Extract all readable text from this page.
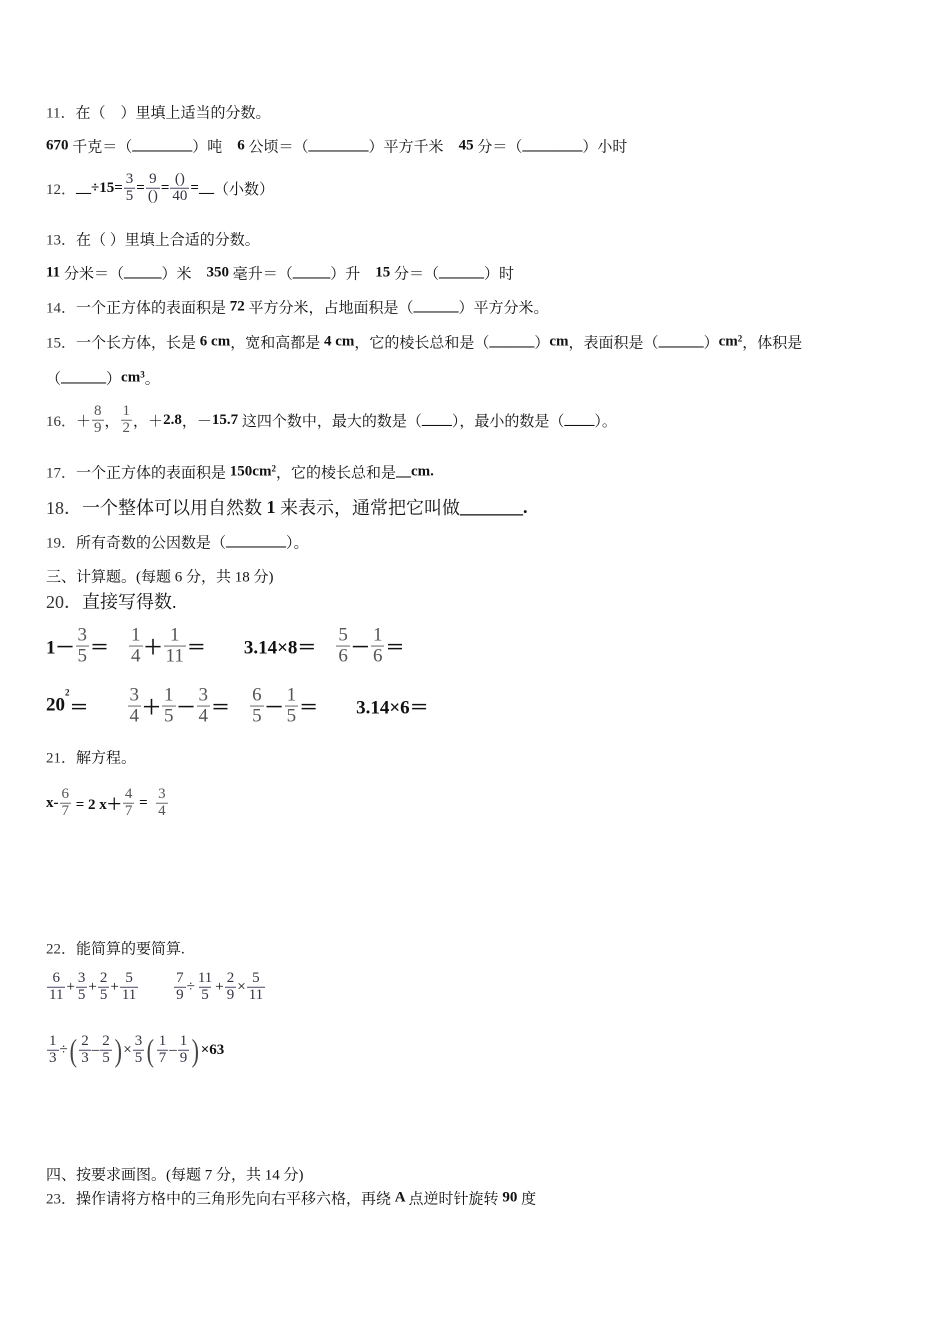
11． 在（　）里填上适当的分数。
670 千克＝（ ________ ）吨　 6 公顷＝（ ________ ）平方千米　 45 分＝（ ________ ）小时
12． __÷15= $\frac{3}{5} = \frac{9}{()} = \frac{()}{40}$ =__ （小数）
13． 在（ ）里填上合适的分数。
11 分米＝（ _____ ）米　 350 毫升＝（ _____ ）升　 15 分＝（ ______ ）时
14． 一个正方体的表面积是 72 平方分米，占地面积是（ ______ ）平方分米。
15． 一个长方体，长是 6 cm ，宽和高都是 4 cm ，它的棱长总和是（ ______ ） cm ，表面积是（ ______ ） cm 2 ，体积是
（ ______ ） cm 3 。
16． ＋ $\frac{8}{9}$ ， $\frac{1}{2}$ ，＋ 2.8 ，－ 15.7 这四个数中，最大的数是（ ____ ），最小的数是（ ____ ）。
17． 一个正方体的表面积是 150cm 2 ，它的棱长总和是 __cm.
18． 一个整体可以用自然数 1 来表示，通常把它叫做 _______.
19． 所有奇数的公因数是（ ________ ）。
三、计算题。(每题 6 分，共 18 分)
20． 直接写得数.
$1- \frac{3}{5}$ ＝　 $\frac{1}{4} + \frac{1}{11}$ ＝　　3.14×8＝　 $\frac{5}{6} - \frac{1}{6}$ ＝
20
2
＝　　 $\frac{3}{4} + \frac{1}{5} - \frac{3}{4}$ ＝　 $\frac{6}{5} - \frac{1}{5}$ ＝　　3.14×6＝
21． 解方程。
$x- \frac{6}{7} = 2$ $x+ \frac{4}{7} = \frac{3}{4}$
22． 能简算的要简算.
$\frac{6}{11} + \frac{3}{5} + \frac{2}{5} + \frac{5}{11}$
　　 $\frac{7}{9} \div \frac{11}{5} + \frac{2}{9} \times \frac{5}{11}$
$\frac{1}{3}$ ÷ ( $\frac{2}{3} - \frac{2}{5}$ ) × $\frac{3}{5}$ ( $\frac{1}{7} - \frac{1}{9}$ ) ×63
四、按要求画图。(每题 7 分，共 14 分)
23． 操作请将方格中的三角形先向右平移六格，再绕 A 点逆时针旋转 90 度
